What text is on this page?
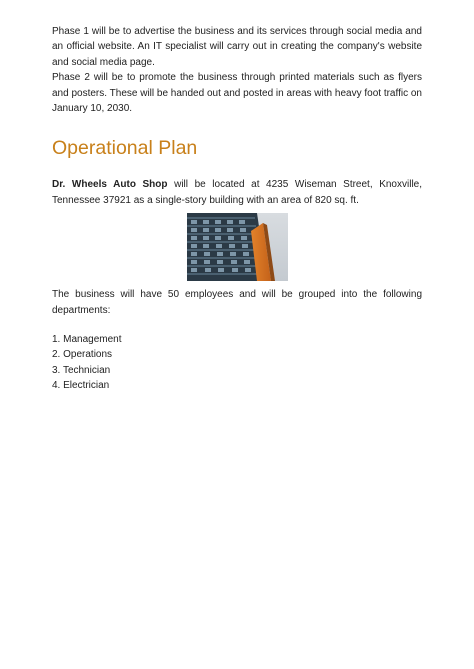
Phase 1 will be to advertise the business and its services through social media and an official website. An IT specialist will carry out in creating the company's website and social media page.

Phase 2 will be to promote the business through printed materials such as flyers and posters. These will be handed out and posted in areas with heavy foot traffic on January 10, 2030.

Operational Plan

Dr. Wheels Auto Shop will be located at 4235 Wiseman Street, Knoxville, Tennessee 37921 as a single-story building with an area of 820 sq. ft.

The business will have 50 employees and will be grouped into the following departments:

1. Management
2. Operations
3. Technician
4. Electrician
